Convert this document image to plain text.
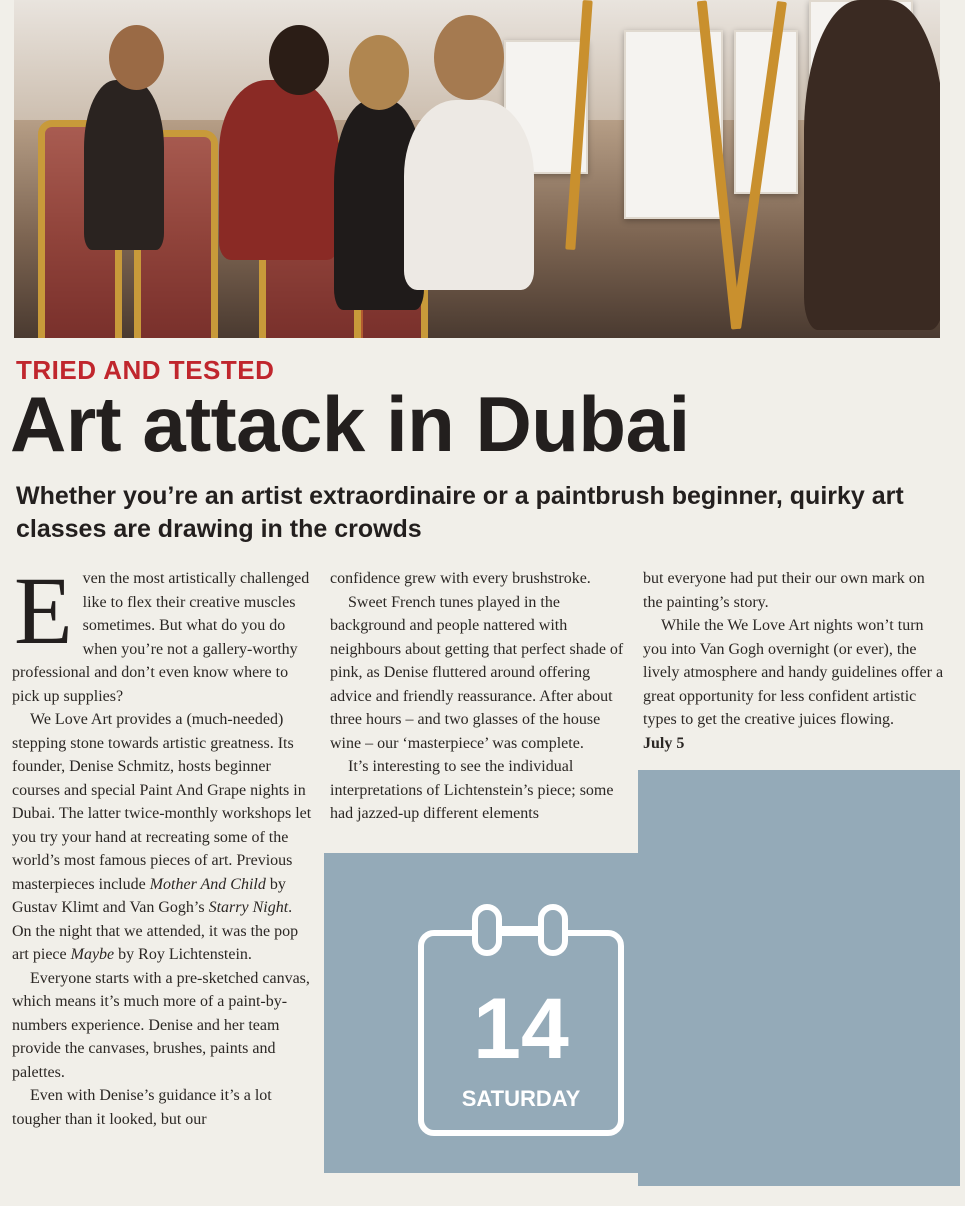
TRIED AND TESTED
Art attack in Dubai
Whether you’re an artist extraordinaire or a paintbrush beginner, quirky art classes are drawing in the crowds
E ven the most artistically challenged like to flex their creative muscles sometimes. But what do you do when you’re not a gallery-worthy professional and don’t even know where to pick up supplies?

We Love Art provides a (much-needed) stepping stone towards artistic greatness. Its founder, Denise Schmitz, hosts beginner courses and special Paint And Grape nights in Dubai. The latter twice-monthly workshops let you try your hand at recreating some of the world’s most famous pieces of art. Previous masterpieces include Mother And Child by Gustav Klimt and Van Gogh’s Starry Night. On the night that we attended, it was the pop art piece Maybe by Roy Lichtenstein.

Everyone starts with a pre-sketched canvas, which means it’s much more of a paint-by-numbers experience. Denise and her team provide the canvases, brushes, paints and palettes.

Even with Denise’s guidance it’s a lot tougher than it looked, but our

confidence grew with every brushstroke.

Sweet French tunes played in the background and people nattered with neighbours about getting that perfect shade of pink, as Denise fluttered around offering advice and friendly reassurance. After about three hours – and two glasses of the house wine – our ‘masterpiece’ was complete.

It’s interesting to see the individual interpretations of Lichtenstein’s piece; some had jazzed-up different elements

but everyone had put their our own mark on the painting’s story.

While the We Love Art nights won’t turn you into Van Gogh overnight (or ever), the lively atmosphere and handy guidelines offer a great opportunity for less confident artistic types to get the creative juices flowing.

July 5

14
SATURDAY
